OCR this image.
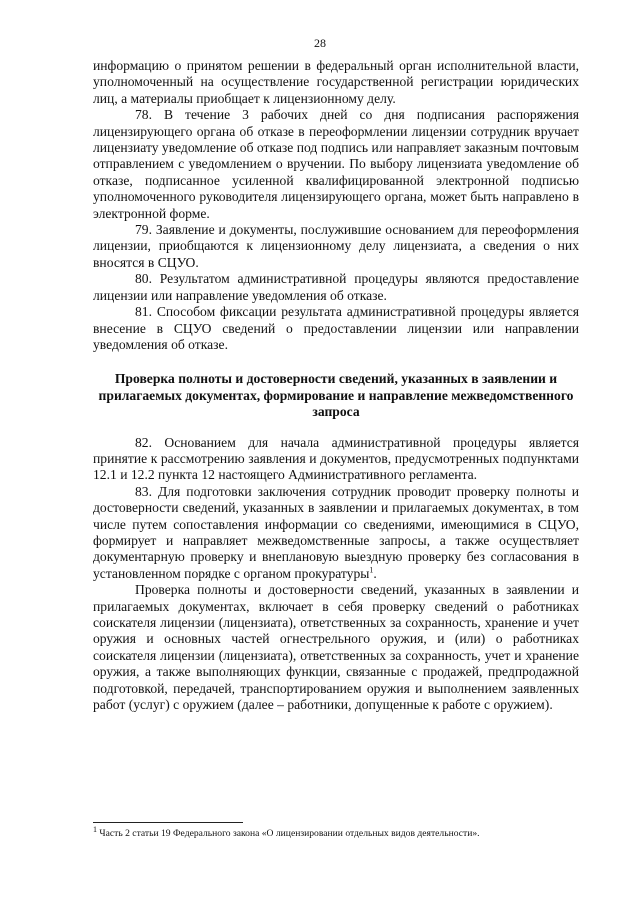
28

информацию о принятом решении в федеральный орган исполнительной власти, уполномоченный на осуществление государственной регистрации юридических лиц, а материалы приобщает к лицензионному делу.

78. В течение 3 рабочих дней со дня подписания распоряжения лицензирующего органа об отказе в переоформлении лицензии сотрудник вручает лицензиату уведомление об отказе под подпись или направляет заказным почтовым отправлением с уведомлением о вручении. По выбору лицензиата уведомление об отказе, подписанное усиленной квалифицированной электронной подписью уполномоченного руководителя лицензирующего органа, может быть направлено в электронной форме.

79. Заявление и документы, послужившие основанием для переоформления лицензии, приобщаются к лицензионному делу лицензиата, а сведения о них вносятся в СЦУО.

80. Результатом административной процедуры являются предоставление лицензии или направление уведомления об отказе.

81. Способом фиксации результата административной процедуры является внесение в СЦУО сведений о предоставлении лицензии или направлении уведомления об отказе.

Проверка полноты и достоверности сведений, указанных в заявлении и прилагаемых документах, формирование и направление межведомственного запроса

82. Основанием для начала административной процедуры является принятие к рассмотрению заявления и документов, предусмотренных подпунктами 12.1 и 12.2 пункта 12 настоящего Административного регламента.

83. Для подготовки заключения сотрудник проводит проверку полноты и достоверности сведений, указанных в заявлении и прилагаемых документах, в том числе путем сопоставления информации со сведениями, имеющимися в СЦУО, формирует и направляет межведомственные запросы, а также осуществляет документарную проверку и внеплановую выездную проверку без согласования в установленном порядке с органом прокуратуры$^1$.

Проверка полноты и достоверности сведений, указанных в заявлении и прилагаемых документах, включает в себя проверку сведений о работниках соискателя лицензии (лицензиата), ответственных за сохранность, хранение и учет оружия и основных частей огнестрельного оружия, и (или) о работниках соискателя лицензии (лицензиата), ответственных за сохранность, учет и хранение оружия, а также выполняющих функции, связанные с продажей, предпродажной подготовкой, передачей, транспортированием оружия и выполнением заявленных работ (услуг) с оружием (далее – работники, допущенные к работе с оружием).

$^1$ Часть 2 статьи 19 Федерального закона «О лицензировании отдельных видов деятельности».
